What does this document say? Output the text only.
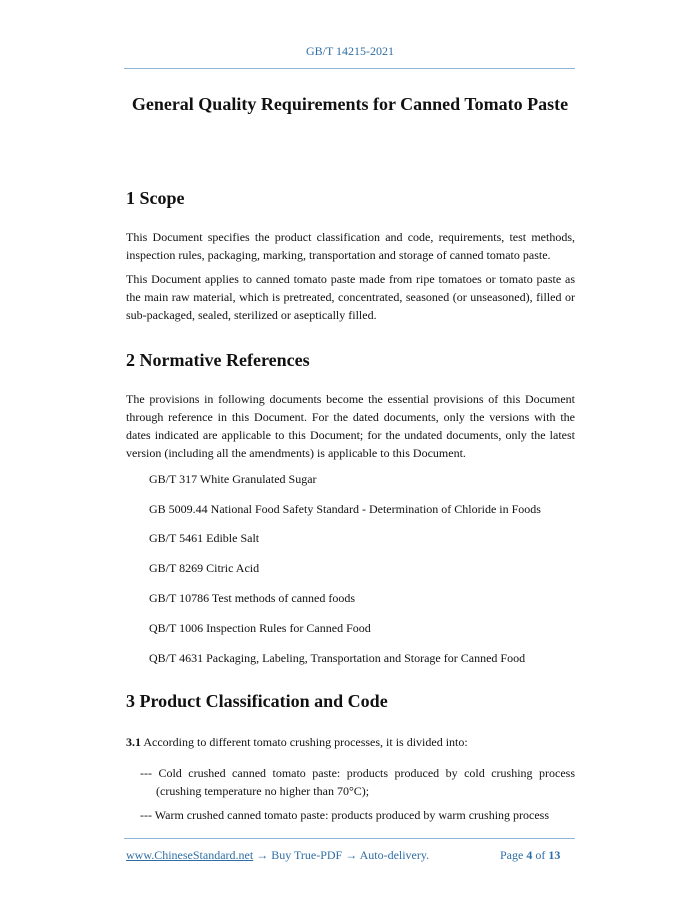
GB/T 14215-2021
General Quality Requirements for Canned Tomato Paste
1 Scope

This Document specifies the product classification and code, requirements, test methods, inspection rules, packaging, marking, transportation and storage of canned tomato paste.

This Document applies to canned tomato paste made from ripe tomatoes or tomato paste as the main raw material, which is pretreated, concentrated, seasoned (or unseasoned), filled or sub-packaged, sealed, sterilized or aseptically filled.

2 Normative References

The provisions in following documents become the essential provisions of this Document through reference in this Document. For the dated documents, only the versions with the dates indicated are applicable to this Document; for the undated documents, only the latest version (including all the amendments) is applicable to this Document.

GB/T 317 White Granulated Sugar

GB 5009.44 National Food Safety Standard - Determination of Chloride in Foods

GB/T 5461 Edible Salt

GB/T 8269 Citric Acid

GB/T 10786 Test methods of canned foods

QB/T 1006 Inspection Rules for Canned Food

QB/T 4631 Packaging, Labeling, Transportation and Storage for Canned Food

3 Product Classification and Code

3.1 According to different tomato crushing processes, it is divided into:

--- Cold crushed canned tomato paste: products produced by cold crushing process (crushing temperature no higher than 70°C);

--- Warm crushed canned tomato paste: products produced by warm crushing process

www.ChineseStandard.net → Buy True-PDF → Auto-delivery.	Page 4 of 13
